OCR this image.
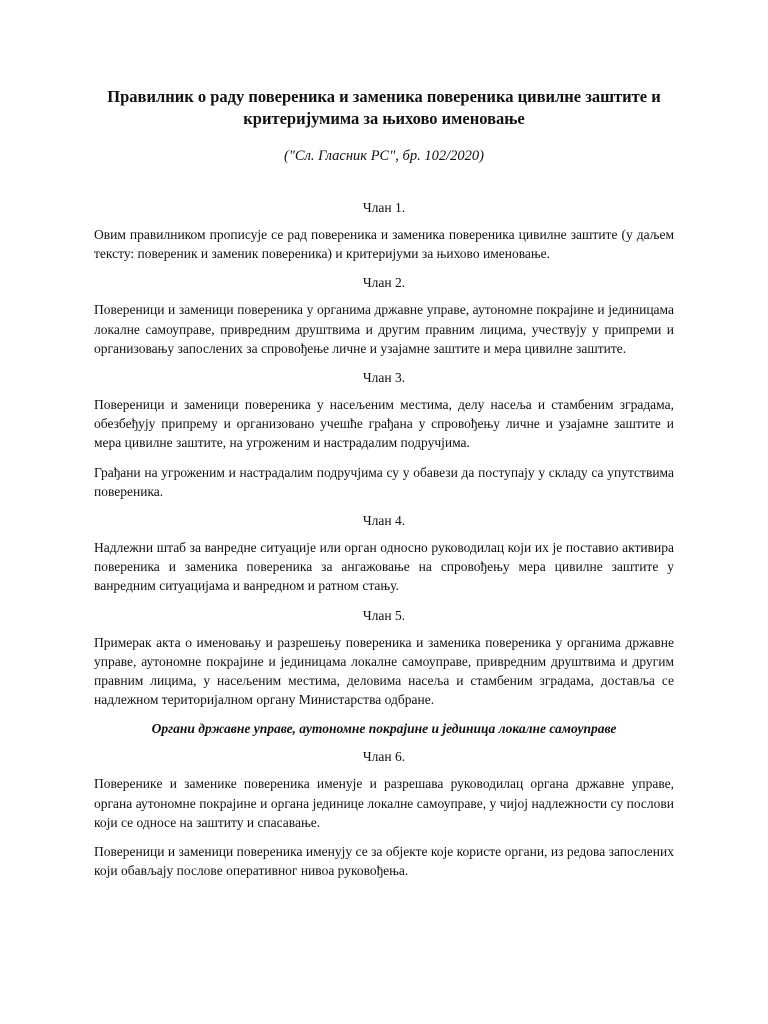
Правилник о раду повереника и заменика повереника цивилне заштите и критеријумима за њихово именовање
("Сл. Гласник РС", бр. 102/2020)
Члан 1.

Овим правилником прописује се рад повереника и заменика повереника цивилне заштите (у даљем тексту: повереник и заменик повереника) и критеријуми за њихово именовање.

Члан 2.

Повереници и заменици повереника у органима државне управе, аутономне покрајине и јединицама локалне самоуправе, привредним друштвима и другим правним лицима, учествују у припреми и организовању запослених за спровођење личне и узајамне заштите и мера цивилне заштите.

Члан 3.

Повереници и заменици повереника у насељеним местима, делу насеља и стамбеним зградама, обезбеђују припрему и организовано учешће грађана у спровођењу личне и узајамне заштите и мера цивилне заштите, на угроженим и настрадалим подручјима.

Грађани на угроженим и настрадалим подручјима су у обавези да поступају у складу са упутствима повереника.

Члан 4.

Надлежни штаб за ванредне ситуације или орган односно руководилац који их је поставио активира повереника и заменика повереника за ангажовање на спровођењу мера цивилне заштите у ванредним ситуацијама и ванредном и ратном стању.

Члан 5.

Примерак акта о именовању и разрешењу повереника и заменика повереника у органима државне управе, аутономне покрајине и јединицама локалне самоуправе, привредним друштвима и другим правним лицима, у насељеним местима, деловима насеља и стамбеним зградама, доставља се надлежном територијалном органу Министарства одбране.

Органи државне управе, аутономне покрајине и јединица локалне самоуправе
Члан 6.

Повереникe и заменике повереника именује и разрешава руководилац органа државне управе, органа аутономне покрајине и органа јединице локалне самоуправе, у чијој надлежности су послови који се односе на заштиту и спасавање.

Повереници и заменици повереника именују се за објекте које користе органи, из редова запослених који обављају послове оперативног нивоа руковођења.
